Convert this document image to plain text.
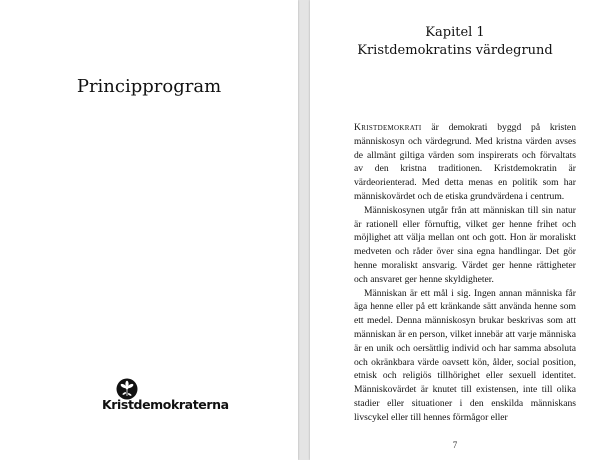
Principprogram
Kristdemokraterna
Kapitel 1
Kristdemokratins värdegrund

Kristdemokrati är demokrati byggd på kristen människosyn och värdegrund. Med kristna värden avses de allmänt giltiga värden som inspirerats och förvaltats av den kristna traditionen. Kristdemokratin är värdeorienterad. Med detta menas en politik som har människovärdet och de etiska grundvärdena i centrum.

Människosynen utgår från att människan till sin natur är rationell eller förnuftig, vilket ger henne frihet och möjlighet att välja mellan ont och gott. Hon är moraliskt medveten och råder över sina egna handlingar. Det gör henne moraliskt ansvarig. Värdet ger henne rättigheter och ansvaret ger henne skyldigheter.

Människan är ett mål i sig. Ingen annan människa får äga henne eller på ett kränkande sätt använda henne som ett medel. Denna människosyn brukar beskrivas som att människan är en person, vilket innebär att varje människa är en unik och oersättlig individ och har samma absoluta och okränkbara värde oavsett kön, ålder, social position, etnisk och religiös tillhörighet eller sexuell identitet. Människovärdet är knutet till existensen, inte till olika stadier eller situationer i den enskilda människans livscykel eller till hennes förmågor eller

7
